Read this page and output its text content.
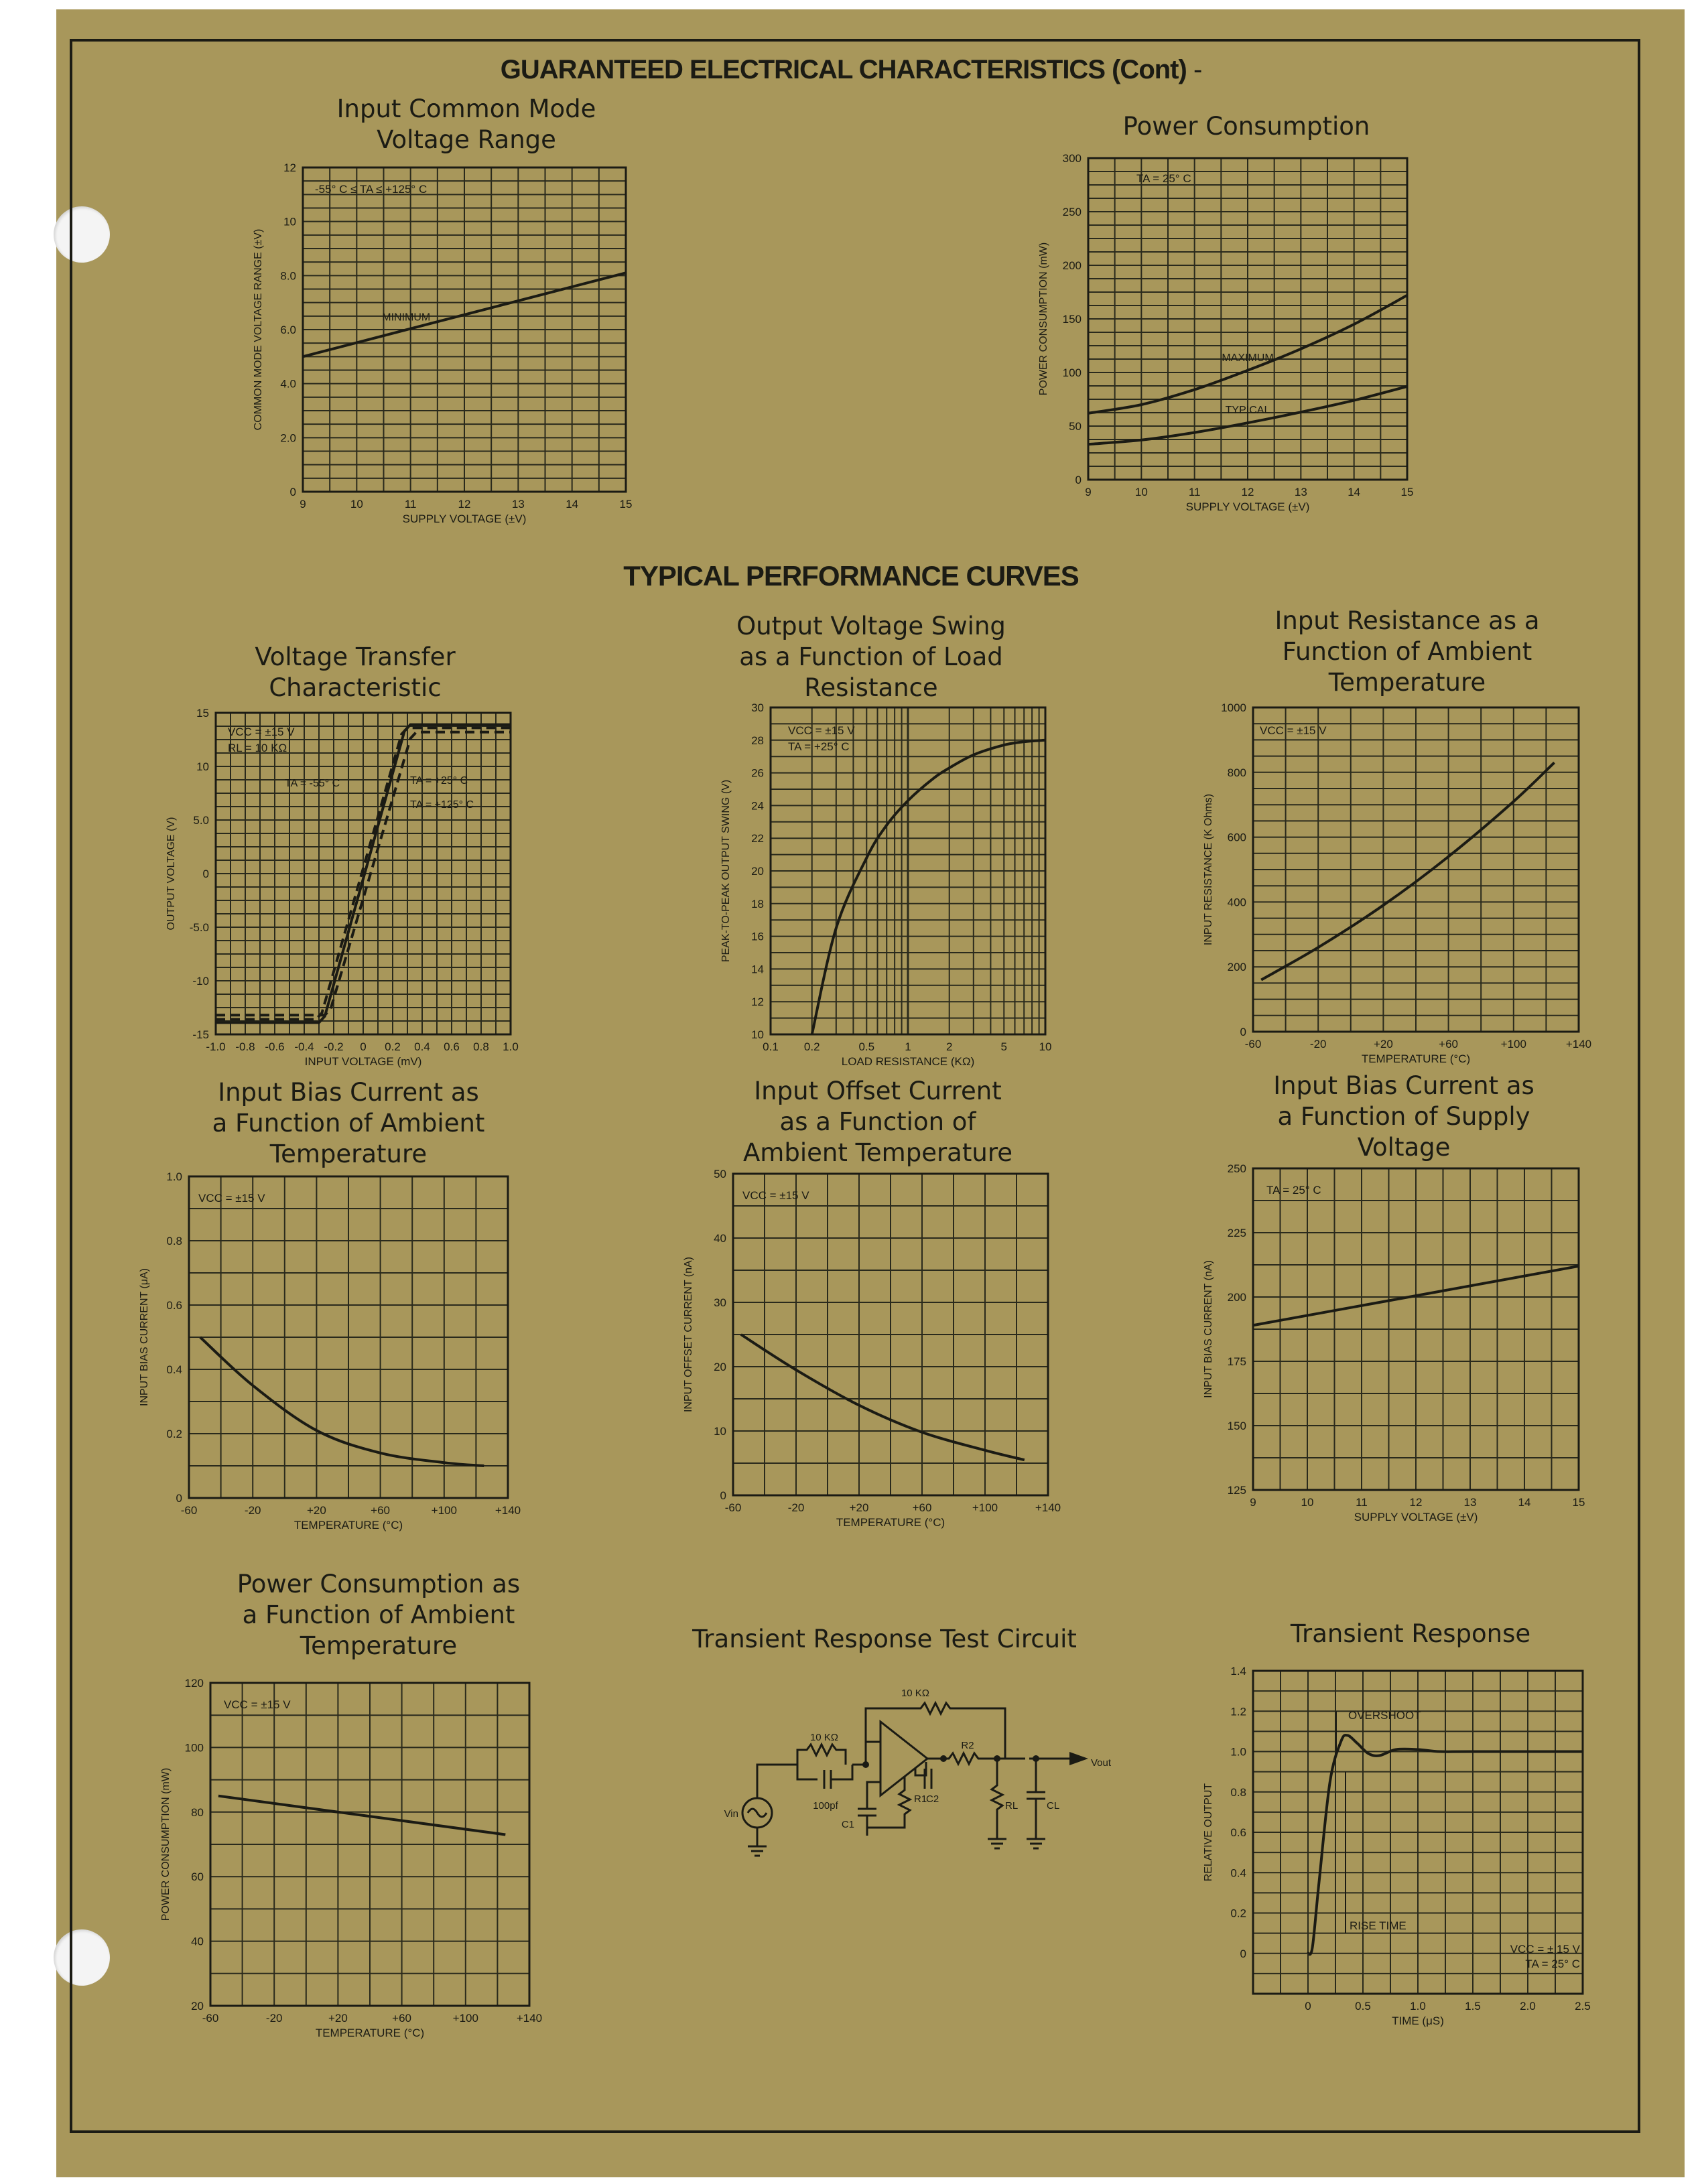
GUARANTEED ELECTRICAL CHARACTERISTICS (Cont) -
TYPICAL PERFORMANCE CURVES
Input Common Mode Voltage Range	Power Consumption
Voltage Transfer Characteristic
Output Voltage Swing as a Function of Load Resistance
Input Resistance as a Function of Ambient Temperature
Input Bias Current as a Function of Ambient Temperature
Input Offset Current as a Function of Ambient Temperature
Input Bias Current as a Function of Supply Voltage
Power Consumption as a Function of Ambient Temperature	Transient Response Test Circuit	Transient Response
9	10	11	12	13	14	15
0
2.0
4.0
6.0
8.0
10
12
SUPPLY VOLTAGE (±V)
COMMON MODE VOLTAGE RANGE (±V)
-55° C ≤ TA ≤ +125° C
MINIMUM
9	10	11	12	13	14	15
0
50
100
150
200
250
300
SUPPLY VOLTAGE (±V)
POWER CONSUMPTION (mW)
TA = 25° C
MAXIMUM
TYPICAL
-1.0 -0.8 -0.6 -0.4 -0.2 0 0.2 0.4 0.6 0.8 1.0
-15
-10
-5.0
0
5.0
10
15
INPUT VOLTAGE (mV)
OUTPUT VOLTAGE (V)
VCC = ±15 V
RL = 10 KΩ
TA = -55° C	TA = +25° C
TA = +125° C
0.1 0.2	0.5	1	2	5	10
10
12
14
16
18
20
22
24
26
28
30
LOAD RESISTANCE (KΩ)
PEAK-TO-PEAK OUTPUT SWING (V)
VCC = ±15 V
TA = +25° C
-60	-20	+20	+60	+100	+140
0
200
400
600
800
1000
TEMPERATURE (°C)
INPUT RESISTANCE (K Ohms)
VCC = ±15 V
-60	-20	+20	+60	+100	+140
0
0.2
0.4
0.6
0.8
1.0
TEMPERATURE (°C)
INPUT BIAS CURRENT (μA)
VCC = ±15 V
-60	-20	+20	+60	+100	+140
0
10
20
30
40
50
TEMPERATURE (°C)
INPUT OFFSET CURRENT (nA)
VCC = ±15 V
9	10	11	12	13	14	15
125
150
175
200
225
250
SUPPLY VOLTAGE (±V)
INPUT BIAS CURRENT (nA)
TA = 25° C
-60	-20	+20	+60	+100	+140
20
40
60
80
100
120
TEMPERATURE (°C)
POWER CONSUMPTION (mW)
VCC = ±15 V
0	0.5	1.0	1.5	2.0	2.5
0
0.2
0.4
0.6
0.8
1.0
1.2
1.4
TIME (μS)
RELATIVE OUTPUT
OVERSHOOT
RISE TIME
VCC = ± 15 V
TA = 25° C
10 KΩ
10 KΩ
100pf
C1
R1
C2
R2
RL	CL
Vin
Vout
